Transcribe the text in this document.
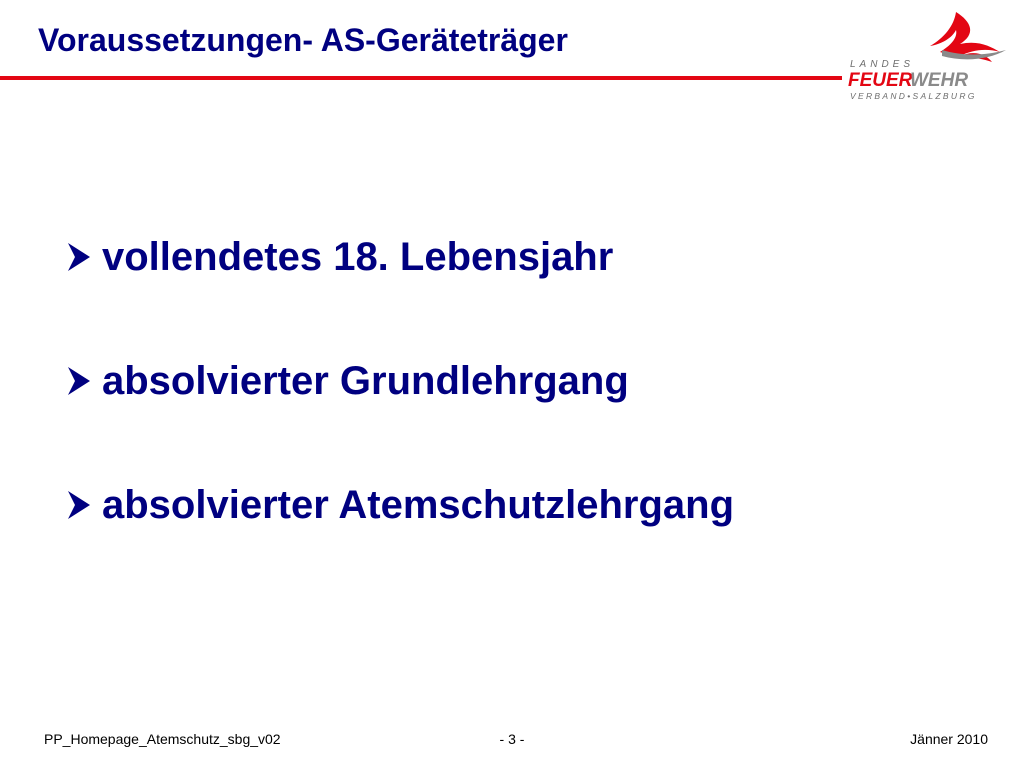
Voraussetzungen- AS-Geräteträger
LANDES
FEUER
WEHR
VERBAND•SALZBURG
vollendetes 18. Lebensjahr
absolvierter Grundlehrgang
absolvierter Atemschutzlehrgang
- 3 -
PP_Homepage_Atemschutz_sbg_v02	Jänner 2010
